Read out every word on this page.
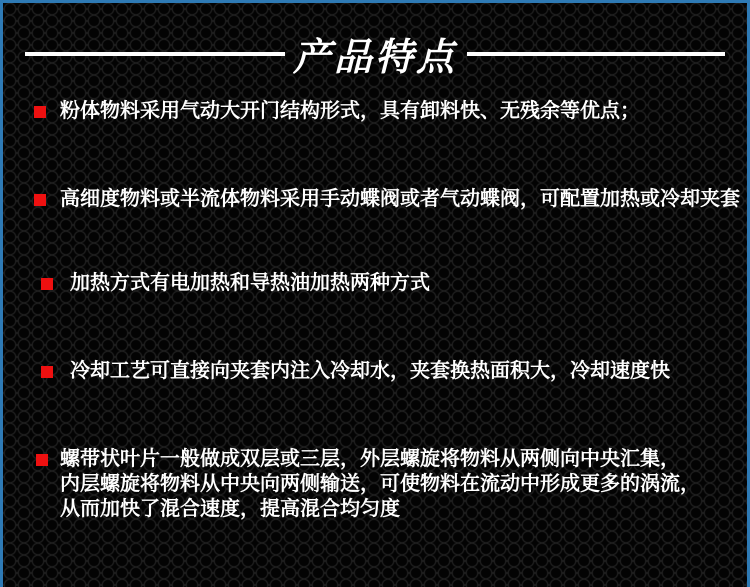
产品特点
粉体物料采用气动大开门结构形式，具有卸料快、无残余等优点；
高细度物料或半流体物料采用手动蝶阀或者气动蝶阀，可配置加热或冷却夹套
加热方式有电加热和导热油加热两种方式
冷却工艺可直接向夹套内注入冷却水，夹套换热面积大，冷却速度快
螺带状叶片一般做成双层或三层，外层螺旋将物料从两侧向中央汇集，
内层螺旋将物料从中央向两侧输送，可使物料在流动中形成更多的涡流，
从而加快了混合速度，提高混合均匀度
